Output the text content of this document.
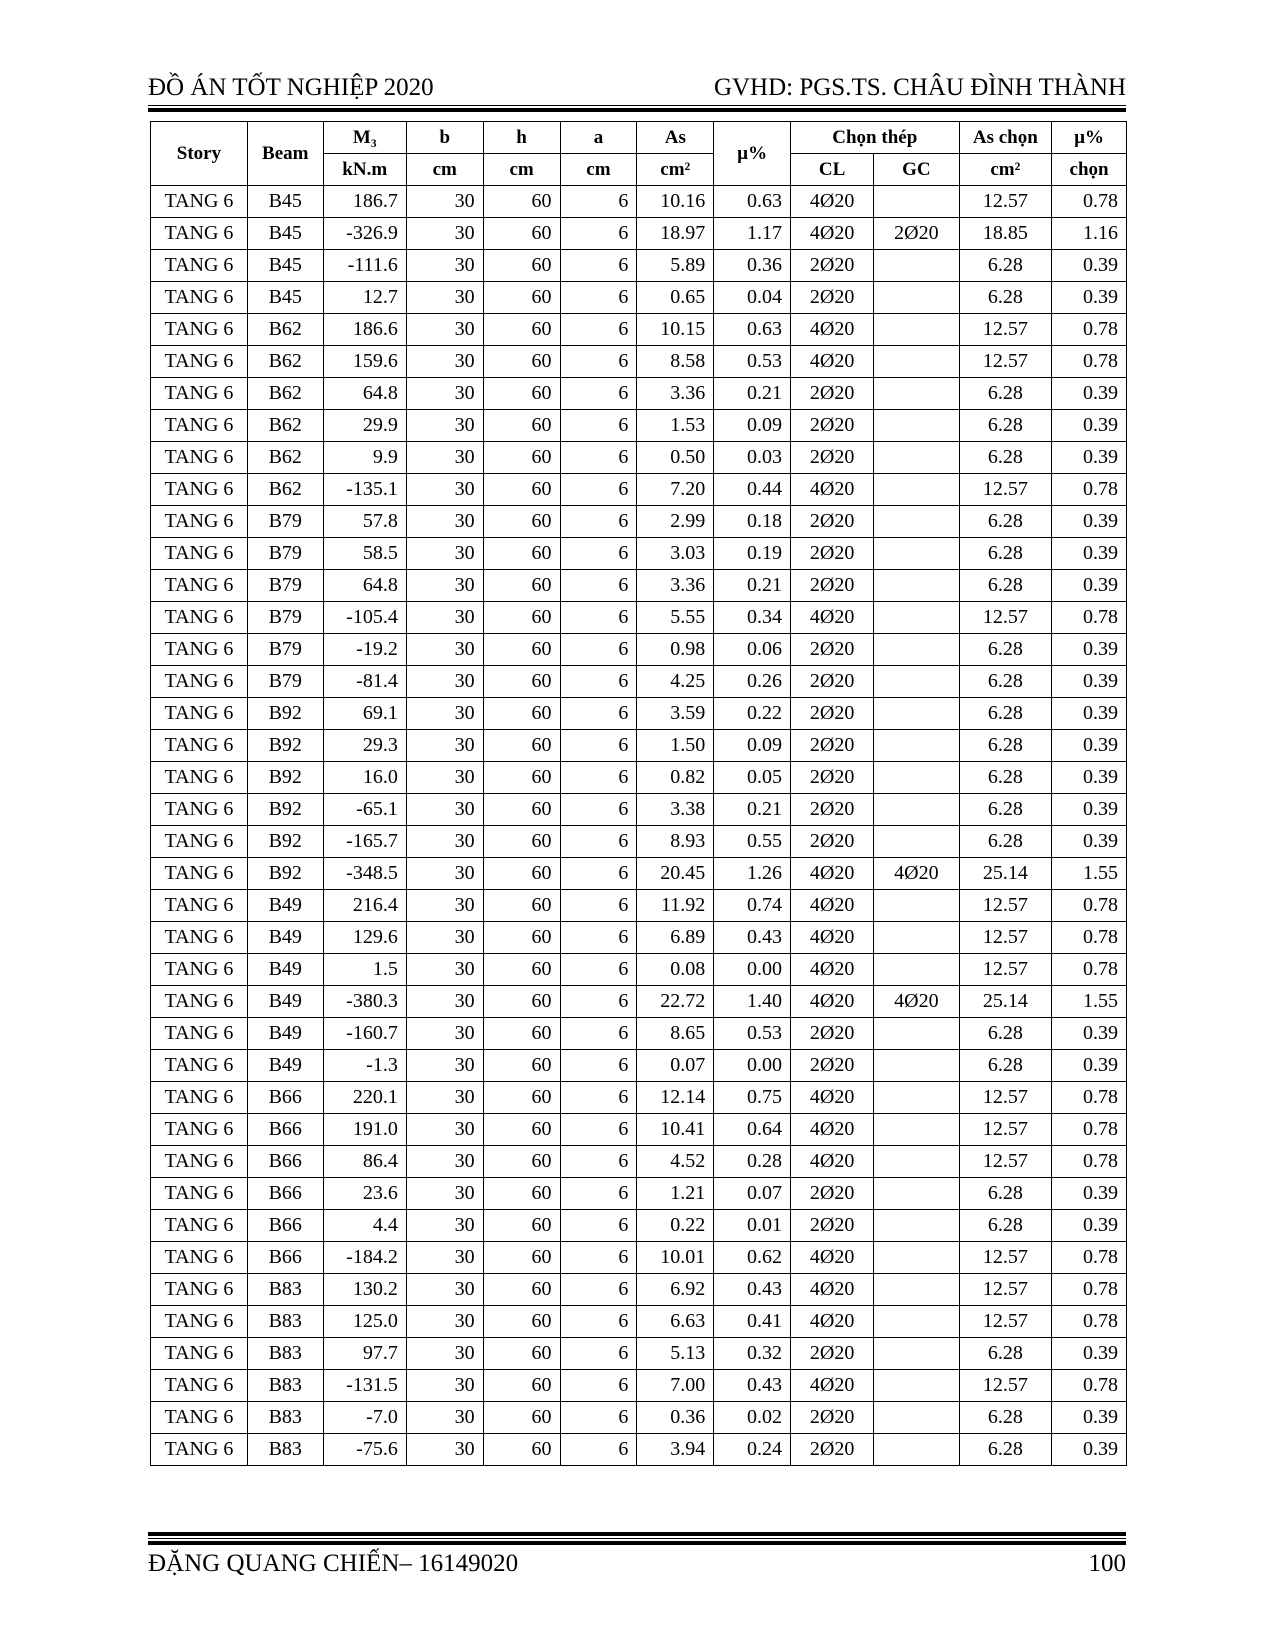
ĐỒ ÁN TỐT NGHIỆP 2020	GVHD: PGS.TS. CHÂU ĐÌNH THÀNH
Story	Beam	M₃	b	h	a	As	µ%	Chọn thép		As chọn	µ%
		kN.m	cm	cm	cm	cm²		CL	GC	cm²	chọn
TANG 6	B45	186.7	30	60	6	10.16	0.63	4Ø20		12.57	0.78
TANG 6	B45	-326.9	30	60	6	18.97	1.17	4Ø20	2Ø20	18.85	1.16
TANG 6	B45	-111.6	30	60	6	5.89	0.36	2Ø20		6.28	0.39
TANG 6	B45	12.7	30	60	6	0.65	0.04	2Ø20		6.28	0.39
TANG 6	B62	186.6	30	60	6	10.15	0.63	4Ø20		12.57	0.78
TANG 6	B62	159.6	30	60	6	8.58	0.53	4Ø20		12.57	0.78
TANG 6	B62	64.8	30	60	6	3.36	0.21	2Ø20		6.28	0.39
TANG 6	B62	29.9	30	60	6	1.53	0.09	2Ø20		6.28	0.39
TANG 6	B62	9.9	30	60	6	0.50	0.03	2Ø20		6.28	0.39
TANG 6	B62	-135.1	30	60	6	7.20	0.44	4Ø20		12.57	0.78
TANG 6	B79	57.8	30	60	6	2.99	0.18	2Ø20		6.28	0.39
TANG 6	B79	58.5	30	60	6	3.03	0.19	2Ø20		6.28	0.39
TANG 6	B79	64.8	30	60	6	3.36	0.21	2Ø20		6.28	0.39
TANG 6	B79	-105.4	30	60	6	5.55	0.34	4Ø20		12.57	0.78
TANG 6	B79	-19.2	30	60	6	0.98	0.06	2Ø20		6.28	0.39
TANG 6	B79	-81.4	30	60	6	4.25	0.26	2Ø20		6.28	0.39
TANG 6	B92	69.1	30	60	6	3.59	0.22	2Ø20		6.28	0.39
TANG 6	B92	29.3	30	60	6	1.50	0.09	2Ø20		6.28	0.39
TANG 6	B92	16.0	30	60	6	0.82	0.05	2Ø20		6.28	0.39
TANG 6	B92	-65.1	30	60	6	3.38	0.21	2Ø20		6.28	0.39
TANG 6	B92	-165.7	30	60	6	8.93	0.55	2Ø20		6.28	0.39
TANG 6	B92	-348.5	30	60	6	20.45	1.26	4Ø20	4Ø20	25.14	1.55
TANG 6	B49	216.4	30	60	6	11.92	0.74	4Ø20		12.57	0.78
TANG 6	B49	129.6	30	60	6	6.89	0.43	4Ø20		12.57	0.78
TANG 6	B49	1.5	30	60	6	0.08	0.00	4Ø20		12.57	0.78
TANG 6	B49	-380.3	30	60	6	22.72	1.40	4Ø20	4Ø20	25.14	1.55
TANG 6	B49	-160.7	30	60	6	8.65	0.53	2Ø20		6.28	0.39
TANG 6	B49	-1.3	30	60	6	0.07	0.00	2Ø20		6.28	0.39
TANG 6	B66	220.1	30	60	6	12.14	0.75	4Ø20		12.57	0.78
TANG 6	B66	191.0	30	60	6	10.41	0.64	4Ø20		12.57	0.78
TANG 6	B66	86.4	30	60	6	4.52	0.28	4Ø20		12.57	0.78
TANG 6	B66	23.6	30	60	6	1.21	0.07	2Ø20		6.28	0.39
TANG 6	B66	4.4	30	60	6	0.22	0.01	2Ø20		6.28	0.39
TANG 6	B66	-184.2	30	60	6	10.01	0.62	4Ø20		12.57	0.78
TANG 6	B83	130.2	30	60	6	6.92	0.43	4Ø20		12.57	0.78
TANG 6	B83	125.0	30	60	6	6.63	0.41	4Ø20		12.57	0.78
TANG 6	B83	97.7	30	60	6	5.13	0.32	2Ø20		6.28	0.39
TANG 6	B83	-131.5	30	60	6	7.00	0.43	4Ø20		12.57	0.78
TANG 6	B83	-7.0	30	60	6	0.36	0.02	2Ø20		6.28	0.39
TANG 6	B83	-75.6	30	60	6	3.94	0.24	2Ø20		6.28	0.39
ĐẶNG QUANG CHIẾN– 16149020	100
